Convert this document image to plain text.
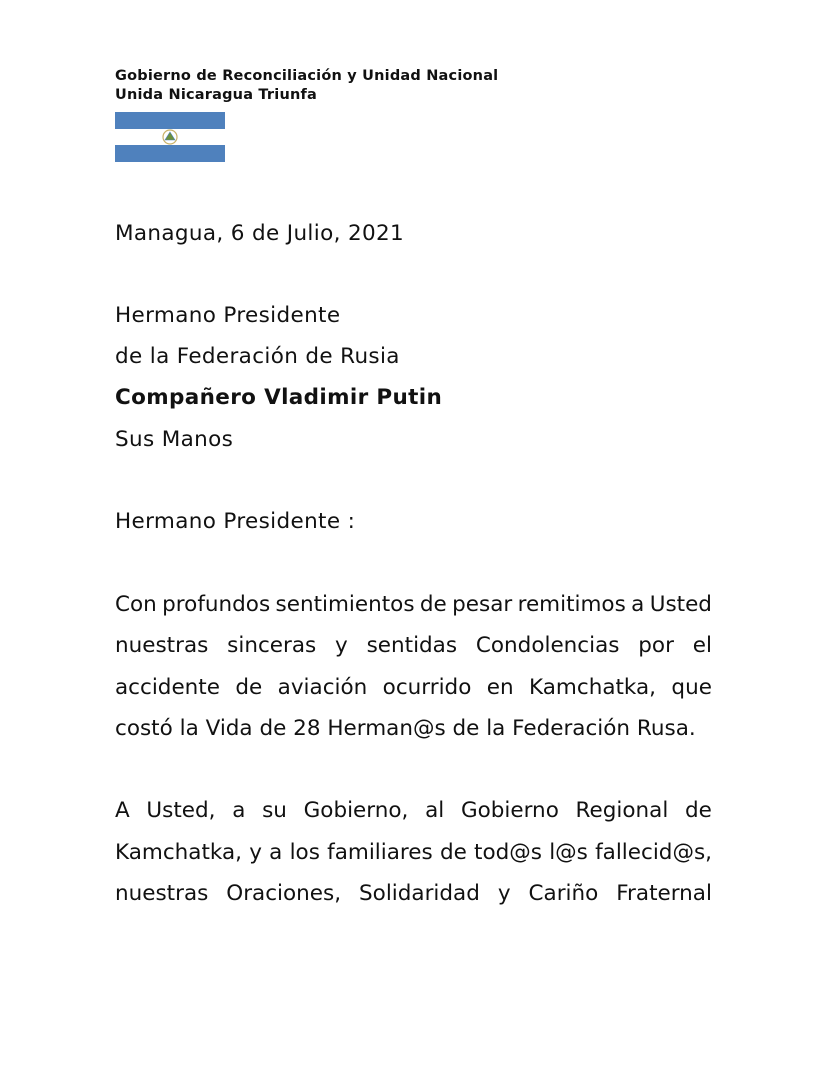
Gobierno de Reconciliación y Unidad Nacional
Unida Nicaragua Triunfa
Managua, 6 de Julio, 2021
Hermano Presidente
de la Federación de Rusia
Compañero Vladimir Putin
Sus Manos
Hermano Presidente :
Con profundos sentimientos de pesar remitimos a Usted
nuestras sinceras y sentidas Condolencias por el
accidente de aviación ocurrido en Kamchatka, que
costó la Vida de 28 Herman@s de la Federación Rusa.
A Usted, a su Gobierno, al Gobierno Regional de
Kamchatka, y a los familiares de tod@s l@s fallecid@s,
nuestras Oraciones, Solidaridad y Cariño Fraternal
